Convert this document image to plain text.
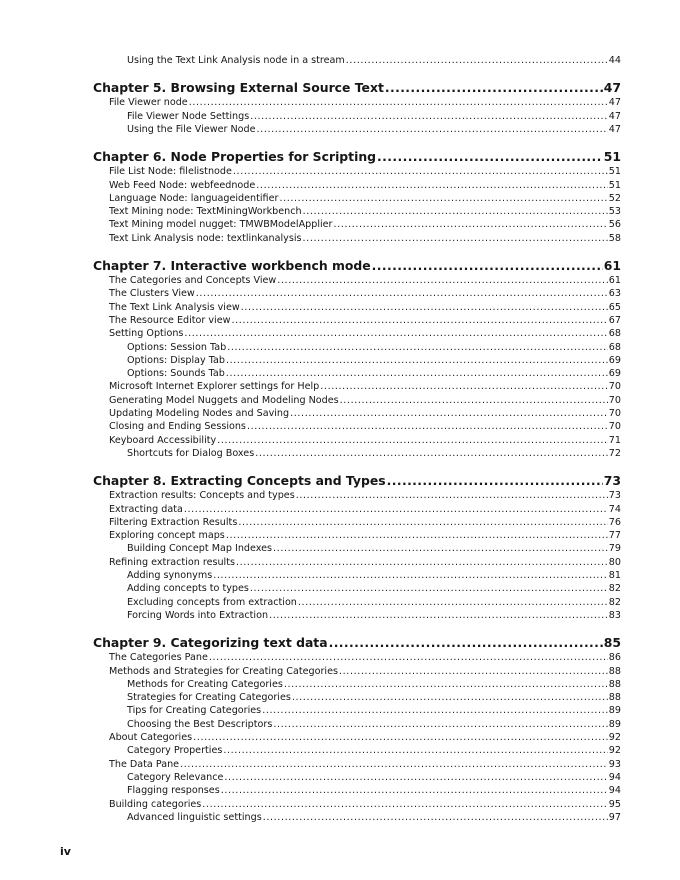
Using the Text Link Analysis node in a stream .....	44
Chapter 5. Browsing External Source Text .....	47
File Viewer node .....	47
File Viewer Node Settings .....	47
Using the File Viewer Node .....	47
Chapter 6. Node Properties for Scripting .....	51
File List Node: filelistnode .....	51
Web Feed Node: webfeednode .....	51
Language Node: languageidentifier .....	52
Text Mining node: TextMiningWorkbench .....	53
Text Mining model nugget: TMWBModelApplier .....	56
Text Link Analysis node: textlinkanalysis .....	58
Chapter 7. Interactive workbench mode .....	61
The Categories and Concepts View .....	61
The Clusters View .....	63
The Text Link Analysis view .....	65
The Resource Editor view .....	67
Setting Options .....	68
Options: Session Tab .....	68
Options: Display Tab .....	69
Options: Sounds Tab .....	69
Microsoft Internet Explorer settings for Help .....	70
Generating Model Nuggets and Modeling Nodes .....	70
Updating Modeling Nodes and Saving .....	70
Closing and Ending Sessions .....	70
Keyboard Accessibility .....	71
Shortcuts for Dialog Boxes .....	72
Chapter 8. Extracting Concepts and Types .....	73
Extraction results: Concepts and types .....	73
Extracting data .....	74
Filtering Extraction Results .....	76
Exploring concept maps .....	77
Building Concept Map Indexes .....	79
Refining extraction results .....	80
Adding synonyms .....	81
Adding concepts to types .....	82
Excluding concepts from extraction .....	82
Forcing Words into Extraction .....	83
Chapter 9. Categorizing text data .....	85
The Categories Pane .....	86
Methods and Strategies for Creating Categories .....	88
Methods for Creating Categories .....	88
Strategies for Creating Categories .....	88
Tips for Creating Categories .....	89
Choosing the Best Descriptors .....	89
About Categories .....	92
Category Properties .....	92
The Data Pane .....	93
Category Relevance .....	94
Flagging responses .....	94
Building categories .....	95
Advanced linguistic settings .....	97
iv
